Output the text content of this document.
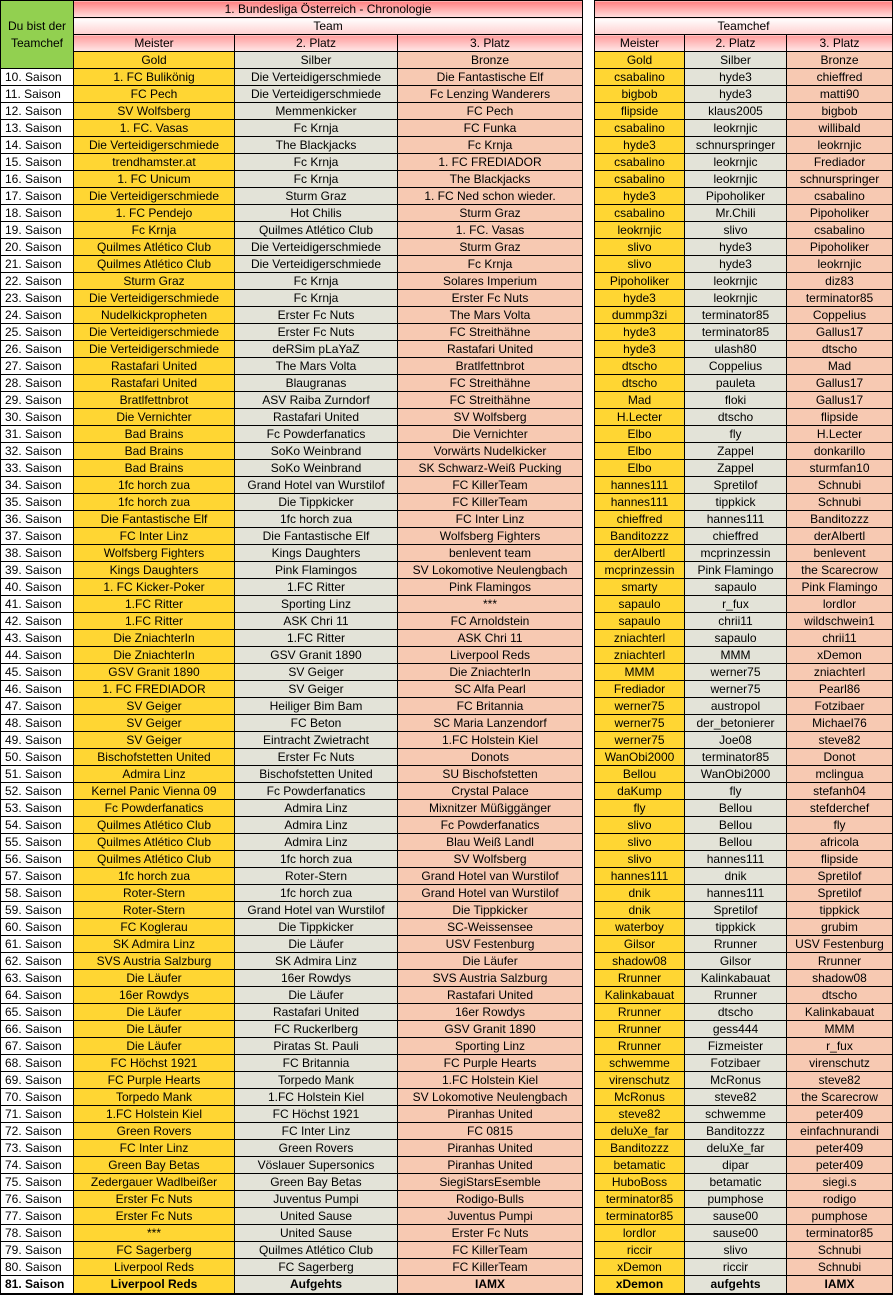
Du bist der
Teamchef	1. Bundesliga Österreich - Chronologie		
	Team		
	Meister	2. Platz	3. Platz
	Gold	Silber	Bronze
10. Saison	1. FC Bulikönig	Die Verteidigerschmiede	Die Fantastische Elf
11. Saison	FC Pech	Die Verteidigerschmiede	Fc Lenzing Wanderers
12. Saison	SV Wolfsberg	Memmenkicker	FC Pech
13. Saison	1. FC. Vasas	Fc Krnja	FC Funka
14. Saison	Die Verteidigerschmiede	The Blackjacks	Fc Krnja
15. Saison	trendhamster.at	Fc Krnja	1. FC FREDIADOR
16. Saison	1. FC Unicum	Fc Krnja	The Blackjacks
17. Saison	Die Verteidigerschmiede	Sturm Graz	1. FC Ned schon wieder.
18. Saison	1. FC Pendejo	Hot Chilis	Sturm Graz
19. Saison	Fc Krnja	Quilmes Atlético Club	1. FC. Vasas
20. Saison	Quilmes Atlético Club	Die Verteidigerschmiede	Sturm Graz
21. Saison	Quilmes Atlético Club	Die Verteidigerschmiede	Fc Krnja
22. Saison	Sturm Graz	Fc Krnja	Solares Imperium
23. Saison	Die Verteidigerschmiede	Fc Krnja	Erster Fc Nuts
24. Saison	Nudelkickpropheten	Erster Fc Nuts	The Mars Volta
25. Saison	Die Verteidigerschmiede	Erster Fc Nuts	FC Streithähne
26. Saison	Die Verteidigerschmiede	deRSim pLaYaZ	Rastafari United
27. Saison	Rastafari United	The Mars Volta	Bratlfettnbrot
28. Saison	Rastafari United	Blaugranas	FC Streithähne
29. Saison	Bratlfettnbrot	ASV Raiba Zurndorf	FC Streithähne
30. Saison	Die Vernichter	Rastafari United	SV Wolfsberg
31. Saison	Bad Brains	Fc Powderfanatics	Die Vernichter
32. Saison	Bad Brains	SoKo Weinbrand	Vorwärts Nudelkicker
33. Saison	Bad Brains	SoKo Weinbrand	SK Schwarz-Weiß Pucking
34. Saison	1fc horch zua	Grand Hotel van Wurstilof	FC KillerTeam
35. Saison	1fc horch zua	Die Tippkicker	FC KillerTeam
36. Saison	Die Fantastische Elf	1fc horch zua	FC Inter Linz
37. Saison	FC Inter Linz	Die Fantastische Elf	Wolfsberg Fighters
38. Saison	Wolfsberg Fighters	Kings Daughters	benlevent team
39. Saison	Kings Daughters	Pink Flamingos	SV Lokomotive Neulengbach
40. Saison	1. FC Kicker-Poker	1.FC Ritter	Pink Flamingos
41. Saison	1.FC Ritter	Sporting Linz	***
42. Saison	1.FC Ritter	ASK Chri 11	FC Arnoldstein
43. Saison	Die ZniachterIn	1.FC Ritter	ASK Chri 11
44. Saison	Die ZniachterIn	GSV Granit 1890	Liverpool Reds
45. Saison	GSV Granit 1890	SV Geiger	Die ZniachterIn
46. Saison	1. FC FREDIADOR	SV Geiger	SC Alfa Pearl
47. Saison	SV Geiger	Heiliger Bim Bam	FC Britannia
48. Saison	SV Geiger	FC Beton	SC Maria Lanzendorf
49. Saison	SV Geiger	Eintracht Zwietracht	1.FC Holstein Kiel
50. Saison	Bischofstetten United	Erster Fc Nuts	Donots
51. Saison	Admira Linz	Bischofstetten United	SU Bischofstetten
52. Saison	Kernel Panic Vienna 09	Fc Powderfanatics	Crystal Palace
53. Saison	Fc Powderfanatics	Admira Linz	Mixnitzer Müßiggänger
54. Saison	Quilmes Atlético Club	Admira Linz	Fc Powderfanatics
55. Saison	Quilmes Atlético Club	Admira Linz	Blau Weiß Landl
56. Saison	Quilmes Atlético Club	1fc horch zua	SV Wolfsberg
57. Saison	1fc horch zua	Roter-Stern	Grand Hotel van Wurstilof
58. Saison	Roter-Stern	1fc horch zua	Grand Hotel van Wurstilof
59. Saison	Roter-Stern	Grand Hotel van Wurstilof	Die Tippkicker
60. Saison	FC Koglerau	Die Tippkicker	SC-Weissensee
61. Saison	SK Admira Linz	Die Läufer	USV Festenburg
62. Saison	SVS Austria Salzburg	SK Admira Linz	Die Läufer
63. Saison	Die Läufer	16er Rowdys	SVS Austria Salzburg
64. Saison	16er Rowdys	Die Läufer	Rastafari United
65. Saison	Die Läufer	Rastafari United	16er Rowdys
66. Saison	Die Läufer	FC Ruckerlberg	GSV Granit 1890
67. Saison	Die Läufer	Piratas St. Pauli	Sporting Linz
68. Saison	FC Höchst 1921	FC Britannia	FC Purple Hearts
69. Saison	FC Purple Hearts	Torpedo Mank	1.FC Holstein Kiel
70. Saison	Torpedo Mank	1.FC Holstein Kiel	SV Lokomotive Neulengbach
71. Saison	1.FC Holstein Kiel	FC Höchst 1921	Piranhas United
72. Saison	Green Rovers	FC Inter Linz	FC 0815
73. Saison	FC Inter Linz	Green Rovers	Piranhas United
74. Saison	Green Bay Betas	Vöslauer Supersonics	Piranhas United
75. Saison	Zedergauer Wadlbeißer	Green Bay Betas	SiegiStarsEsemble
76. Saison	Erster Fc Nuts	Juventus Pumpi	Rodigo-Bulls
77. Saison	Erster Fc Nuts	United Sause	Juventus Pumpi
78. Saison	***	United Sause	Erster Fc Nuts
79. Saison	FC Sagerberg	Quilmes Atlético Club	FC KillerTeam
80. Saison	Liverpool Reds	FC Sagerberg	FC KillerTeam
81. Saison	Liverpool Reds	Aufgehts	IAMX

Teamchef		
Meister	2. Platz	3. Platz
Gold	Silber	Bronze
csabalino	hyde3	chieffred
bigbob	hyde3	matti90
flipside	klaus2005	bigbob
csabalino	leokrnjic	willibald
hyde3	schnurspringer	leokrnjic
csabalino	leokrnjic	Frediador
csabalino	leokrnjic	schnurspringer
hyde3	Pipoholiker	csabalino
csabalino	Mr.Chili	Pipoholiker
leokrnjic	slivo	csabalino
slivo	hyde3	Pipoholiker
slivo	hyde3	leokrnjic
Pipoholiker	leokrnjic	diz83
hyde3	leokrnjic	terminator85
dummp3zi	terminator85	Coppelius
hyde3	terminator85	Gallus17
hyde3	ulash80	dtscho
dtscho	Coppelius	Mad
dtscho	pauleta	Gallus17
Mad	floki	Gallus17
H.Lecter	dtscho	flipside
Elbo	fly	H.Lecter
Elbo	Zappel	donkarillo
Elbo	Zappel	sturmfan10
hannes111	Spretilof	Schnubi
hannes111	tippkick	Schnubi
chieffred	hannes111	Banditozzz
Banditozzz	chieffred	derAlbertl
derAlbertl	mcprinzessin	benlevent
mcprinzessin	Pink Flamingo	the Scarecrow
smarty	sapaulo	Pink Flamingo
sapaulo	r_fux	lordlor
sapaulo	chrii11	wildschwein1
zniachterl	sapaulo	chrii11
zniachterl	MMM	xDemon
MMM	werner75	zniachterl
Frediador	werner75	Pearl86
werner75	austropol	Fotzibaer
werner75	der_betonierer	Michael76
werner75	Joe08	steve82
WanObi2000	terminator85	Donot
Bellou	WanObi2000	mclingua
daKump	fly	stefanh04
fly	Bellou	stefderchef
slivo	Bellou	fly
slivo	Bellou	africola
slivo	hannes111	flipside
hannes111	dnik	Spretilof
dnik	hannes111	Spretilof
dnik	Spretilof	tippkick
waterboy	tippkick	grubim
Gilsor	Rrunner	USV Festenburg
shadow08	Gilsor	Rrunner
Rrunner	Kalinkabauat	shadow08
Kalinkabauat	Rrunner	dtscho
Rrunner	dtscho	Kalinkabauat
Rrunner	gess444	MMM
Rrunner	Fizmeister	r_fux
schwemme	Fotzibaer	virenschutz
virenschutz	McRonus	steve82
McRonus	steve82	the Scarecrow
steve82	schwemme	peter409
deluXe_far	Banditozzz	einfachnurandi
Banditozzz	deluXe_far	peter409
betamatic	dipar	peter409
HuboBoss	betamatic	siegi.s
terminator85	pumphose	rodigo
terminator85	sause00	pumphose
lordlor	sause00	terminator85
riccir	slivo	Schnubi
xDemon	riccir	Schnubi
xDemon	aufgehts	IAMX
